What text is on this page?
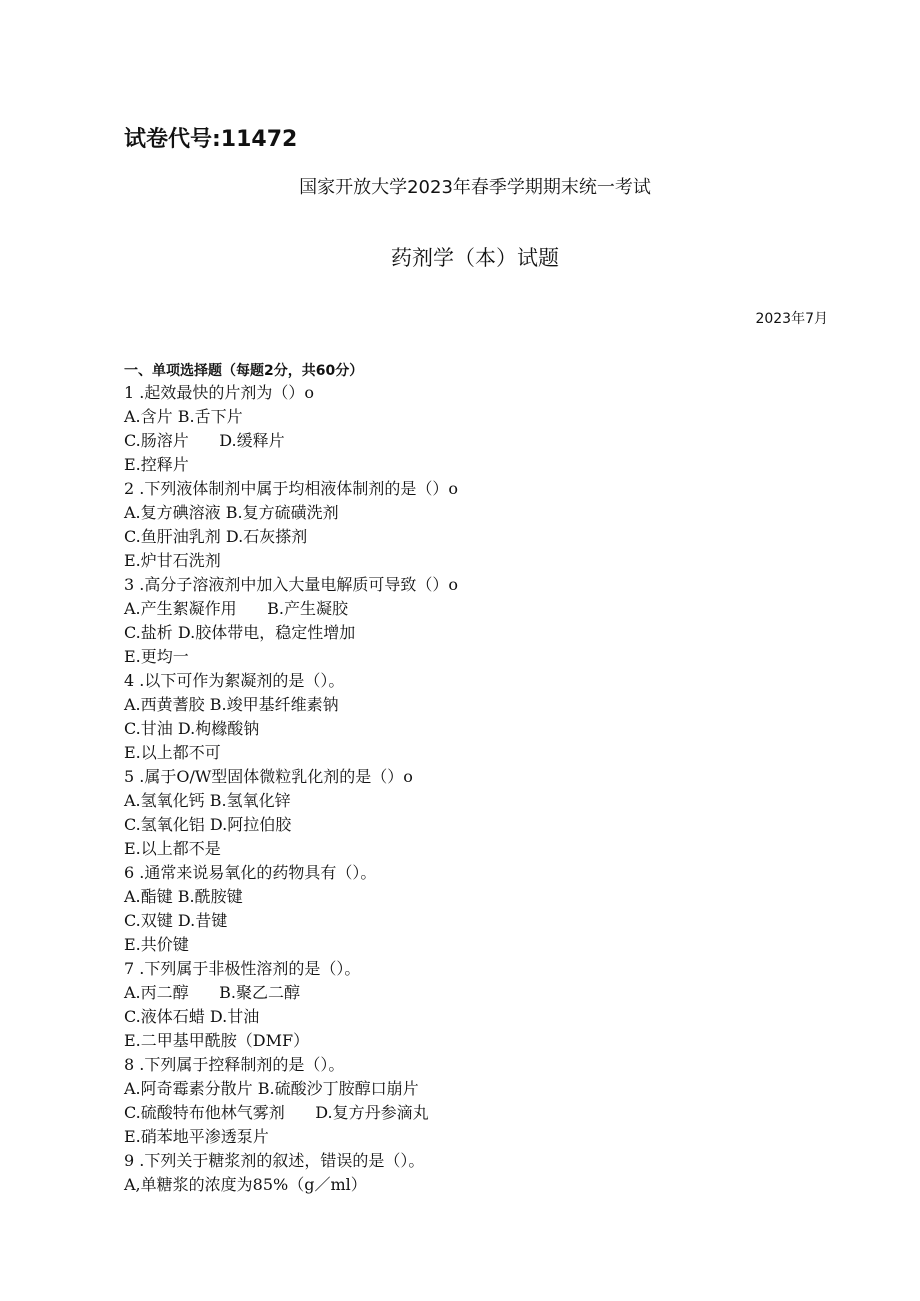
试卷代号:11472
国家开放大学2023年春季学期期末统一考试
药剂学（本）试题
2023年7月
一、单项选择题（每题2分，共60分）
1 .起效最快的片剂为（）o
A.含片 B.舌下片
C.肠溶片      D.缓释片
E.控释片
2 .下列液体制剂中属于均相液体制剂的是（）o
A.复方碘溶液 B.复方硫磺洗剂
C.鱼肝油乳剂 D.石灰搽剂
E.炉甘石洗剂
3 .高分子溶液剂中加入大量电解质可导致（）o
A.产生絮凝作用      B.产生凝胶
C.盐析 D.胶体带电，稳定性增加
E.更均一
4 .以下可作为絮凝剂的是（）。
A.西黄蓍胶 B.竣甲基纤维素钠
C.甘油 D.枸橼酸钠
E.以上都不可
5 .属于O/W型固体微粒乳化剂的是（）o
A.氢氧化钙 B.氢氧化锌
C.氢氧化铝 D.阿拉伯胶
E.以上都不是
6 .通常来说易氧化的药物具有（）。
A.酯键 B.酰胺键
C.双键 D.昔键
E.共价键
7 .下列属于非极性溶剂的是（）。
A.丙二醇      B.聚乙二醇
C.液体石蜡 D.甘油
E.二甲基甲酰胺（DMF）
8 .下列属于控释制剂的是（）。
A.阿奇霉素分散片 B.硫酸沙丁胺醇口崩片
C.硫酸特布他林气雾剂      D.复方丹参滴丸
E.硝苯地平渗透泵片
9 .下列关于糖浆剂的叙述，错误的是（）。
A,单糖浆的浓度为85%（g／ml）
